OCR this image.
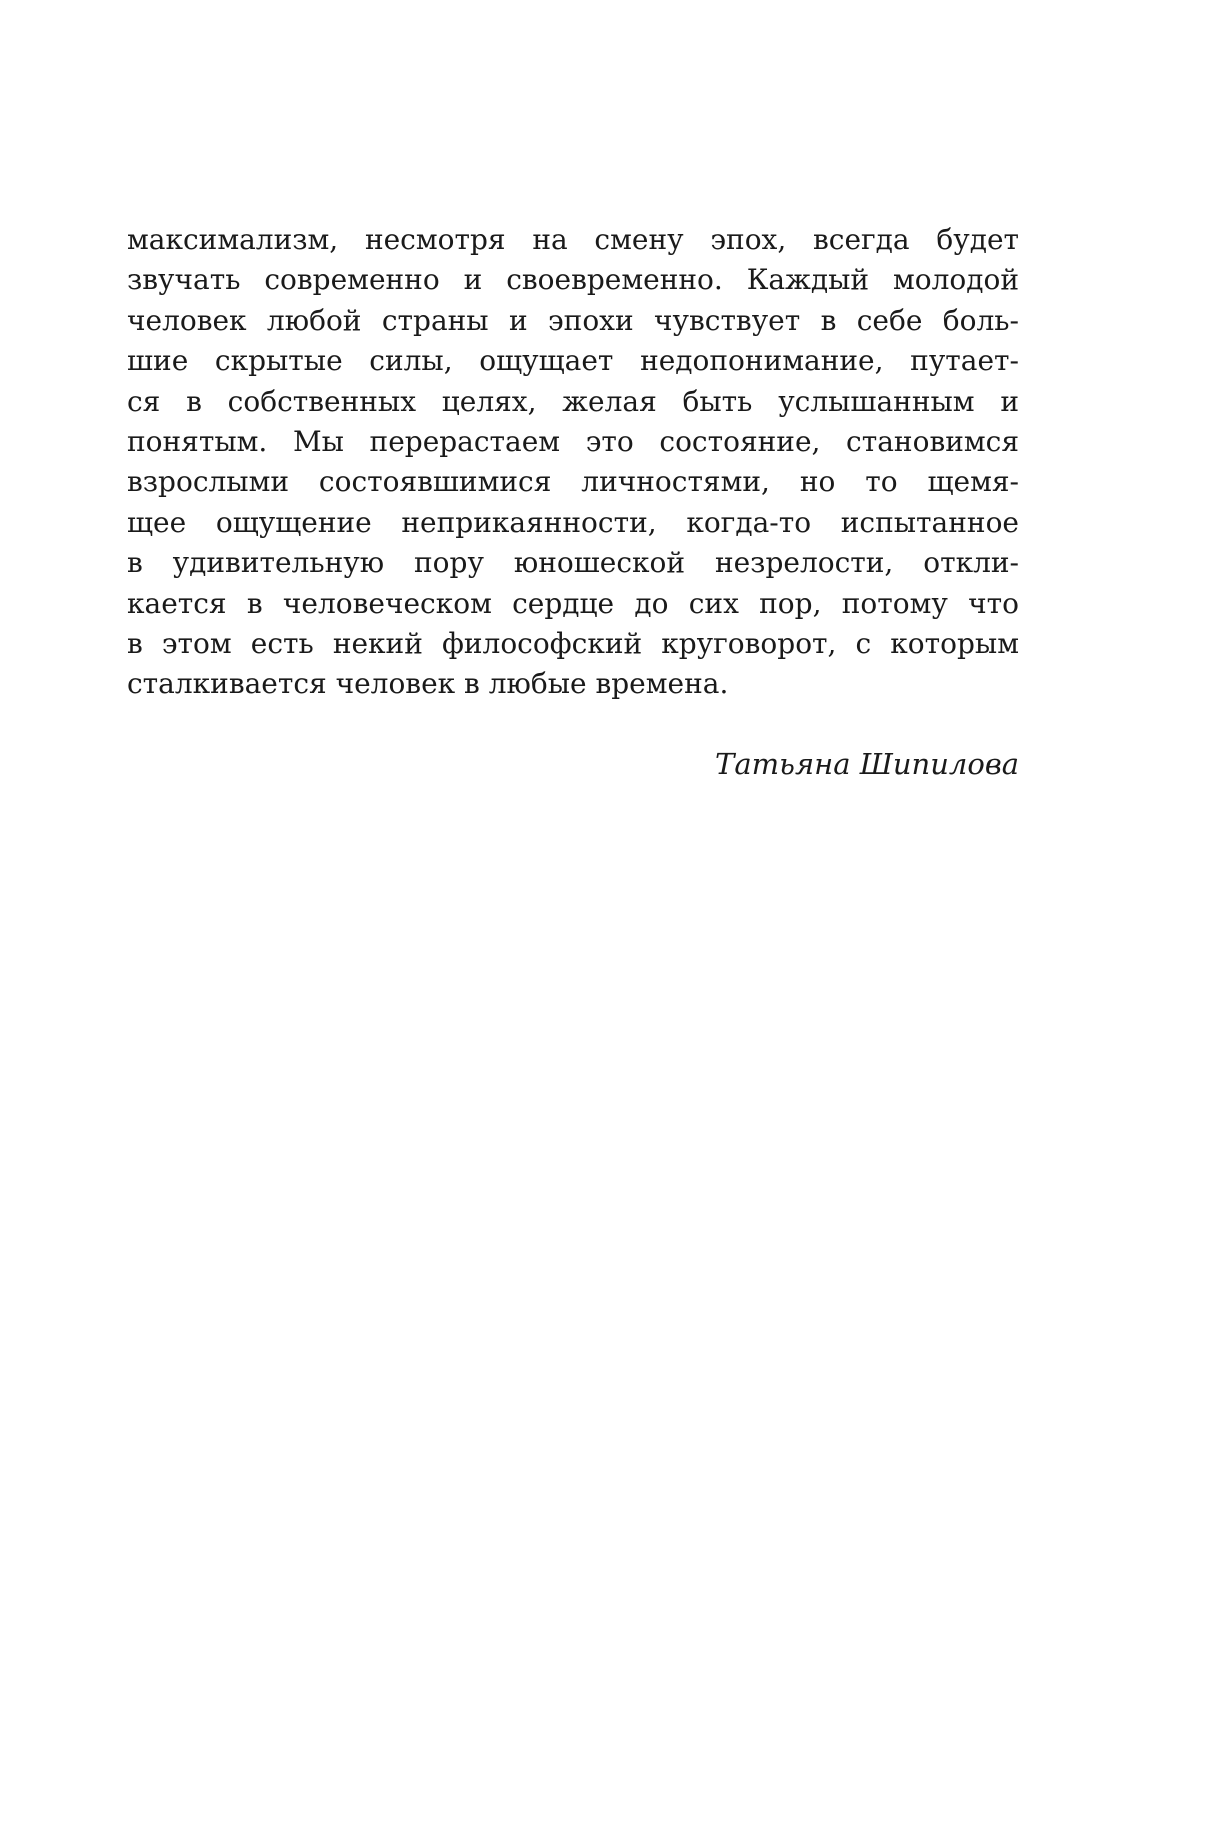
максимализм, несмотря на смену эпох, всегда будет
звучать современно и своевременно. Каждый молодой
человек любой страны и эпохи чувствует в себе боль-
шие скрытые силы, ощущает недопонимание, путает-
ся в собственных целях, желая быть услышанным и
понятым. Мы перерастаем это состояние, становимся
взрослыми состоявшимися личностями, но то щемя-
щее ощущение неприкаянности, когда-то испытанное
в удивительную пору юношеской незрелости, откли-
кается в человеческом сердце до сих пор, потому что
в этом есть некий философский круговорот, с которым
сталкивается человек в любые времена.
Татьяна Шипилова
